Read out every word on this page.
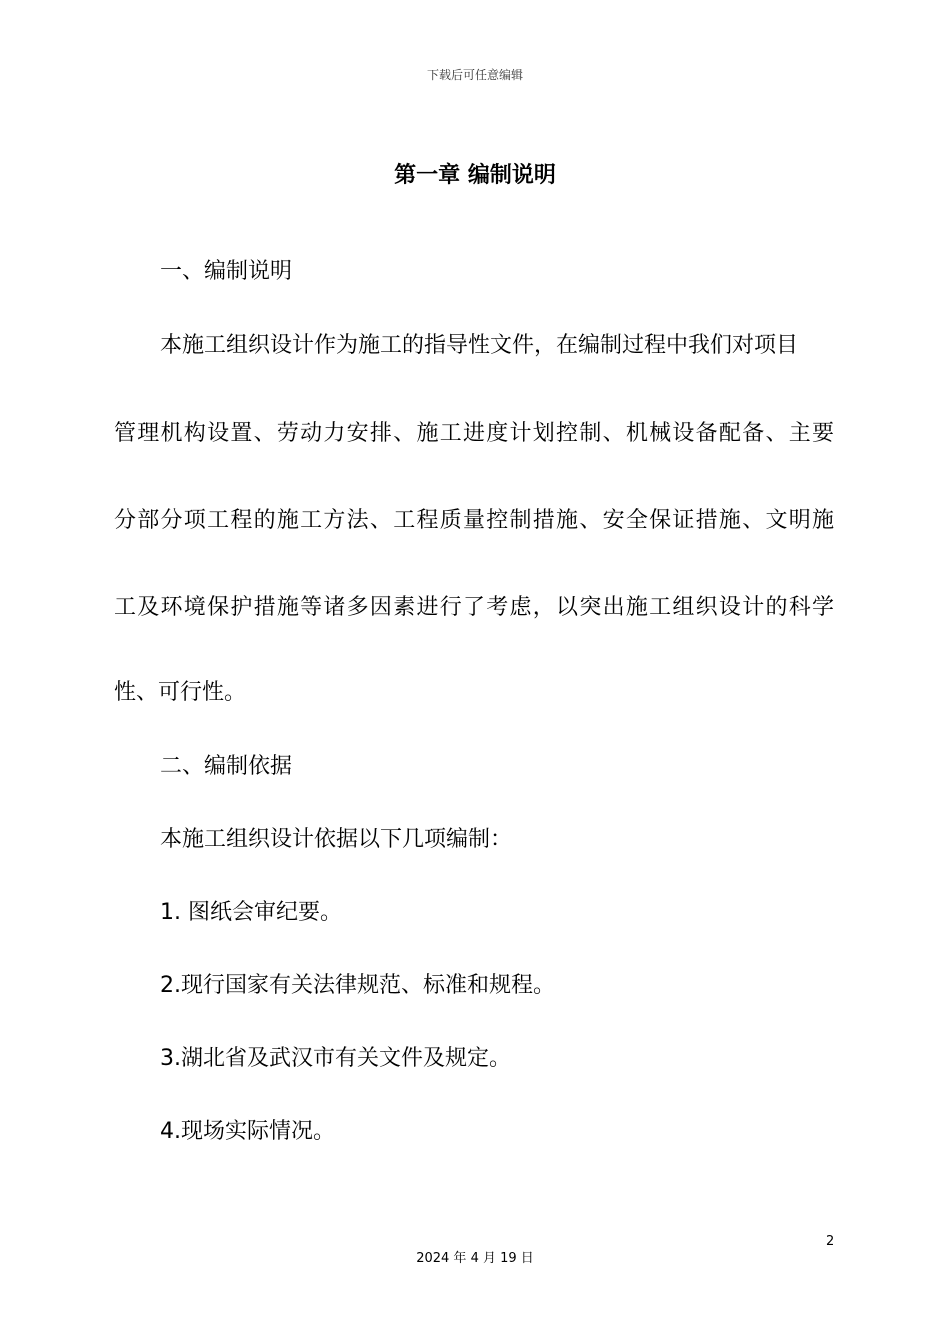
下载后可任意编辑
第一章 编制说明
一、编制说明
本施工组织设计作为施工的指导性文件，在编制过程中我们对项目
管理机构设置、劳动力安排、施工进度计划控制、机械设备配备、主要
分部分项工程的施工方法、工程质量控制措施、安全保证措施、文明施
工及环境保护措施等诸多因素进行了考虑，以突出施工组织设计的科学
性、可行性。
二、编制依据
本施工组织设计依据以下几项编制：
1. 图纸会审纪要。
2.现行国家有关法律规范、标准和规程。
3.湖北省及武汉市有关文件及规定。
4.现场实际情况。
2
2024 年 4 月 19 日
